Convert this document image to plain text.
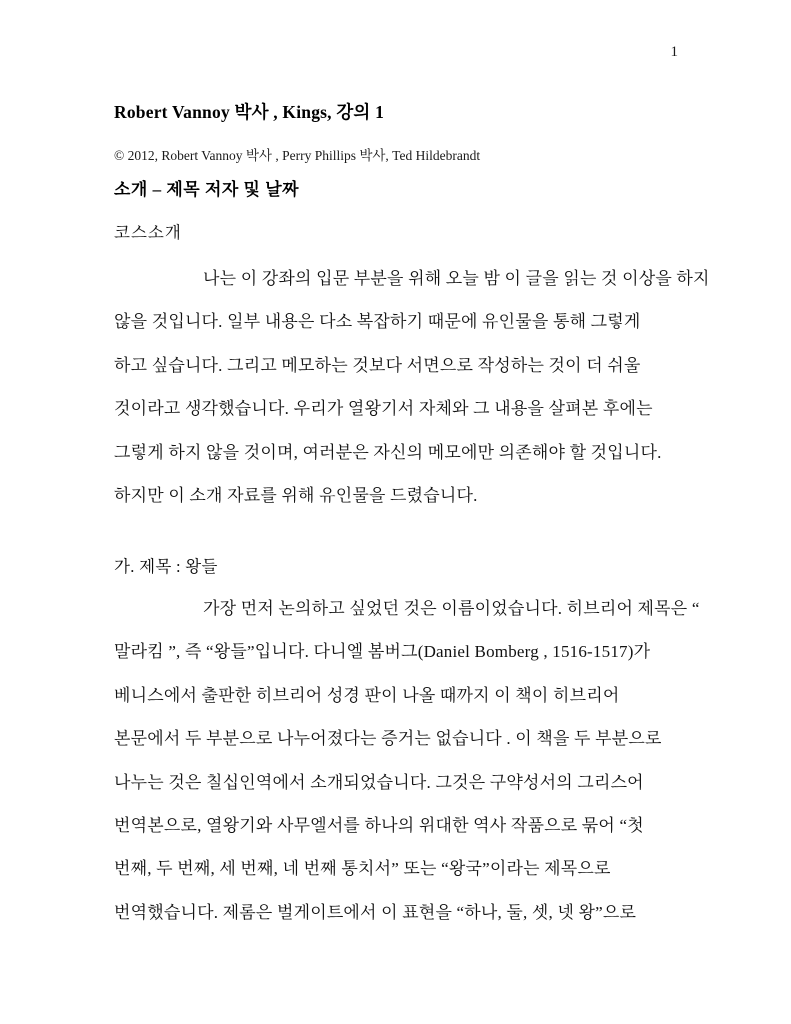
1
Robert Vannoy 박사 , Kings, 강의 1
© 2012, Robert Vannoy 박사 , Perry Phillips 박사, Ted Hildebrandt
소개 – 제목 저자 및 날짜
코스소개
나는 이 강좌의 입문 부분을 위해 오늘 밤 이 글을 읽는 것 이상을 하지
않을 것입니다. 일부 내용은 다소 복잡하기 때문에 유인물을 통해 그렇게
하고 싶습니다. 그리고 메모하는 것보다 서면으로 작성하는 것이 더 쉬울
것이라고 생각했습니다. 우리가 열왕기서 자체와 그 내용을 살펴본 후에는
그렇게 하지 않을 것이며, 여러분은 자신의 메모에만 의존해야 할 것입니다.
하지만 이 소개 자료를 위해 유인물을 드렸습니다.
가. 제목 : 왕들
가장 먼저 논의하고 싶었던 것은 이름이었습니다. 히브리어 제목은 “
말라킴 ”, 즉 “왕들”입니다. 다니엘 봄버그(Daniel Bomberg , 1516-1517)가
베니스에서 출판한 히브리어 성경 판이 나올 때까지 이 책이 히브리어
본문에서 두 부분으로 나누어졌다는 증거는 없습니다 . 이 책을 두 부분으로
나누는 것은 칠십인역에서 소개되었습니다. 그것은 구약성서의 그리스어
번역본으로, 열왕기와 사무엘서를 하나의 위대한 역사 작품으로 묶어 “첫
번째, 두 번째, 세 번째, 네 번째 통치서” 또는 “왕국”이라는 제목으로
번역했습니다. 제롬은 벌게이트에서 이 표현을 “하나, 둘, 셋, 넷 왕”으로
